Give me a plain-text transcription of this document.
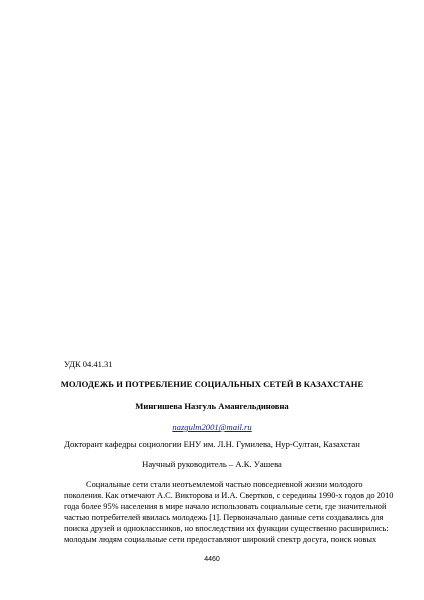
УДК 04.41.31
МОЛОДЕЖЬ И ПОТРЕБЛЕНИЕ СОЦИАЛЬНЫХ СЕТЕЙ В КАЗАХСТАНЕ
Мингишева Назгуль Амангельдиновна
nazgulm2001@mail.ru
Докторант кафедры социологии ЕНУ им. Л.Н. Гумилева, Нур-Султан, Казахстан
Научный руководитель – А.К. Уашева
Социальные сети стали неотъемлемой частью повседневной жизни молодого
поколения. Как отмечают А.С. Викторова и И.А. Свертков, с середины 1990-х годов до 2010
года более 95% населения в мире начало использовать социальные сети, где значительной
частью потребителей явилась молодежь [1]. Первоначально данные сети создавались для
поиска друзей и одноклассников, но впоследствии их функции существенно расширились:
молодым людям социальные сети предоставляют широкий спектр досуга, поиск новых
4460
